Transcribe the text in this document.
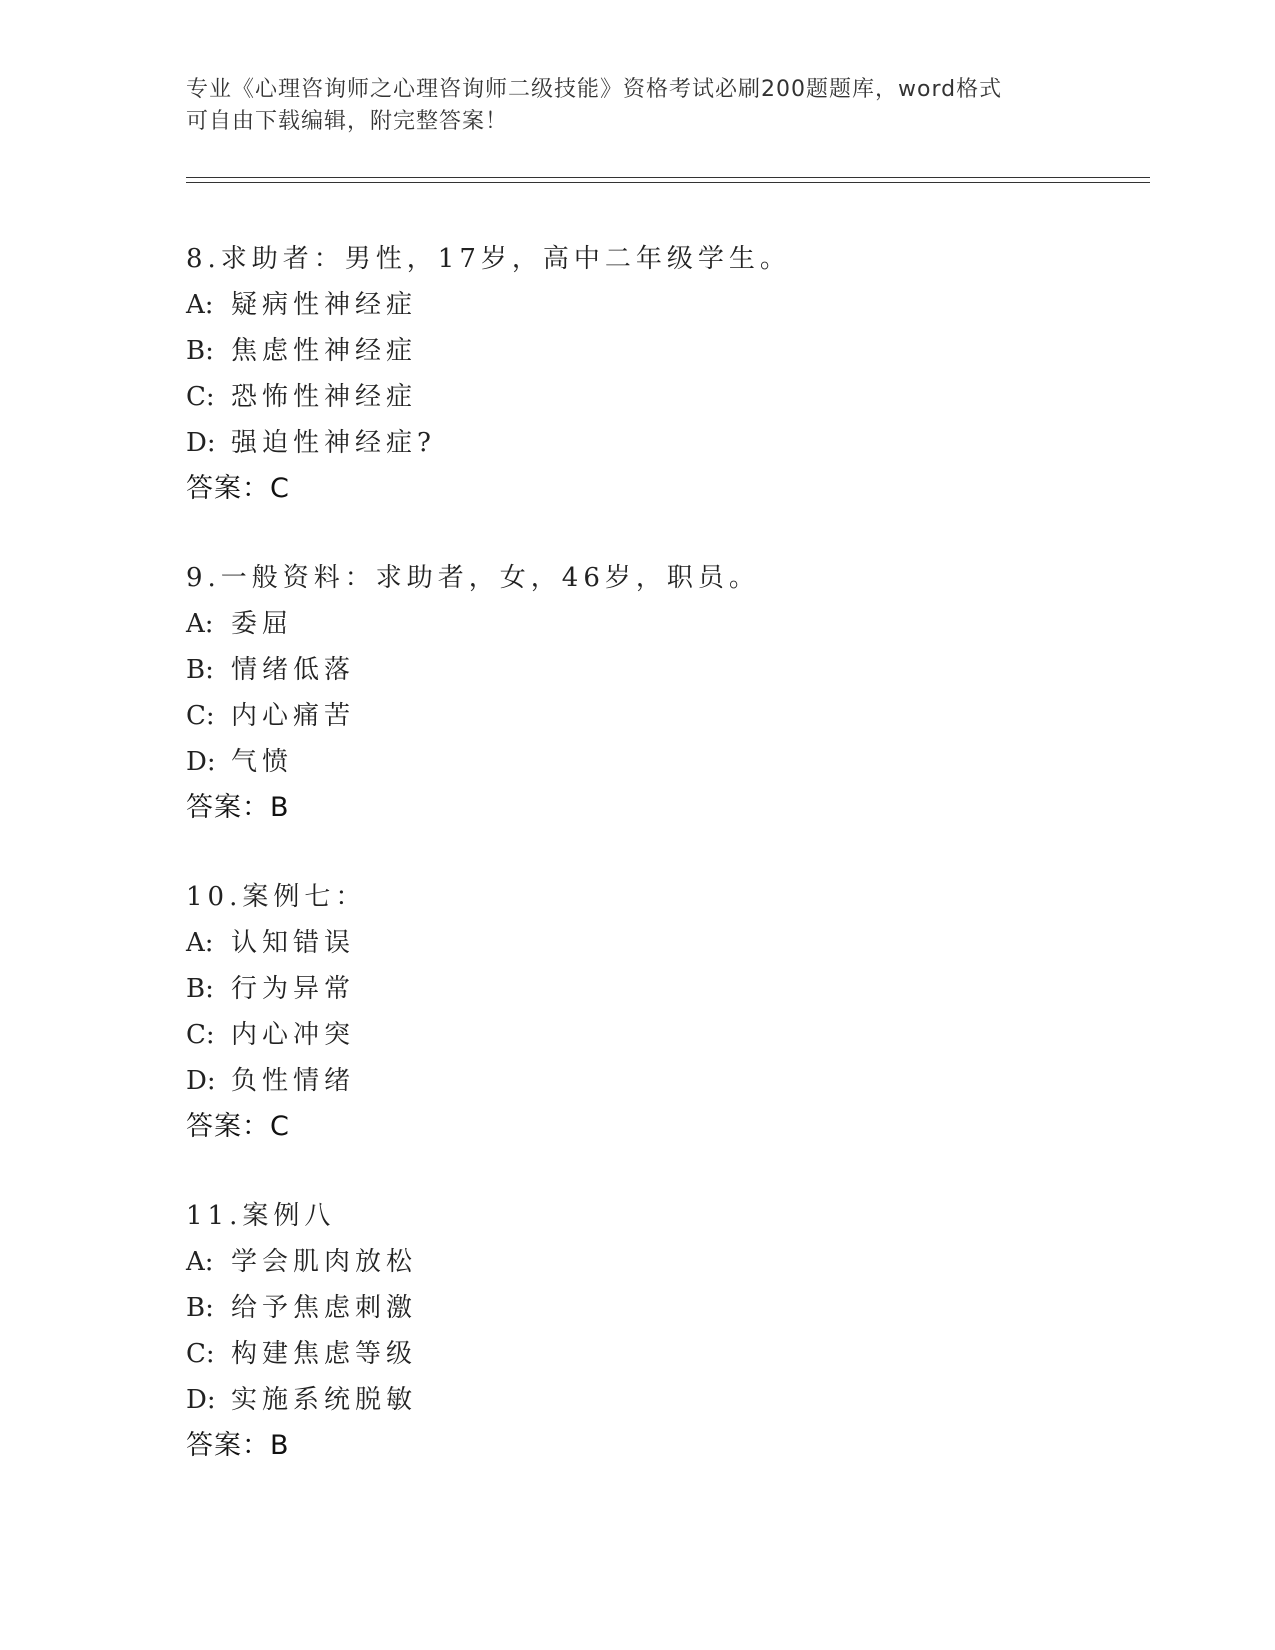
专业《心理咨询师之心理咨询师二级技能》资格考试必刷200题题库，word格式
可自由下载编辑，附完整答案！
8.求助者：男性，17岁，高中二年级学生。
A: 疑病性神经症
B: 焦虑性神经症
C: 恐怖性神经症
D: 强迫性神经症?
答案：C
9.一般资料：求助者，女，46岁，职员。
A: 委屈
B: 情绪低落
C: 内心痛苦
D: 气愤
答案：B
10.案例七：
A: 认知错误
B: 行为异常
C: 内心冲突
D: 负性情绪
答案：C
11.案例八
A: 学会肌肉放松
B: 给予焦虑刺激
C: 构建焦虑等级
D: 实施系统脱敏
答案：B
